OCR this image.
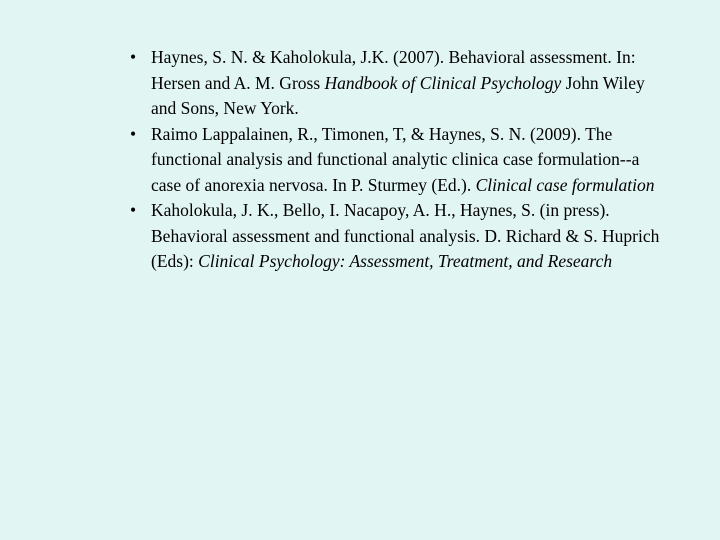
• Haynes, S. N. & Kaholokula, J.K. (2007). Behavioral assessment. In: Hersen and A. M. Gross Handbook of Clinical Psychology John Wiley and Sons, New York.
• Raimo Lappalainen, R., Timonen, T, & Haynes, S. N. (2009). The functional analysis and functional analytic clinica case formulation--a case of anorexia nervosa. In P. Sturmey (Ed.). Clinical case formulation
• Kaholokula, J. K., Bello, I. Nacapoy, A. H., Haynes, S. (in press). Behavioral assessment and functional analysis. D. Richard & S. Huprich (Eds): Clinical Psychology: Assessment, Treatment, and Research
